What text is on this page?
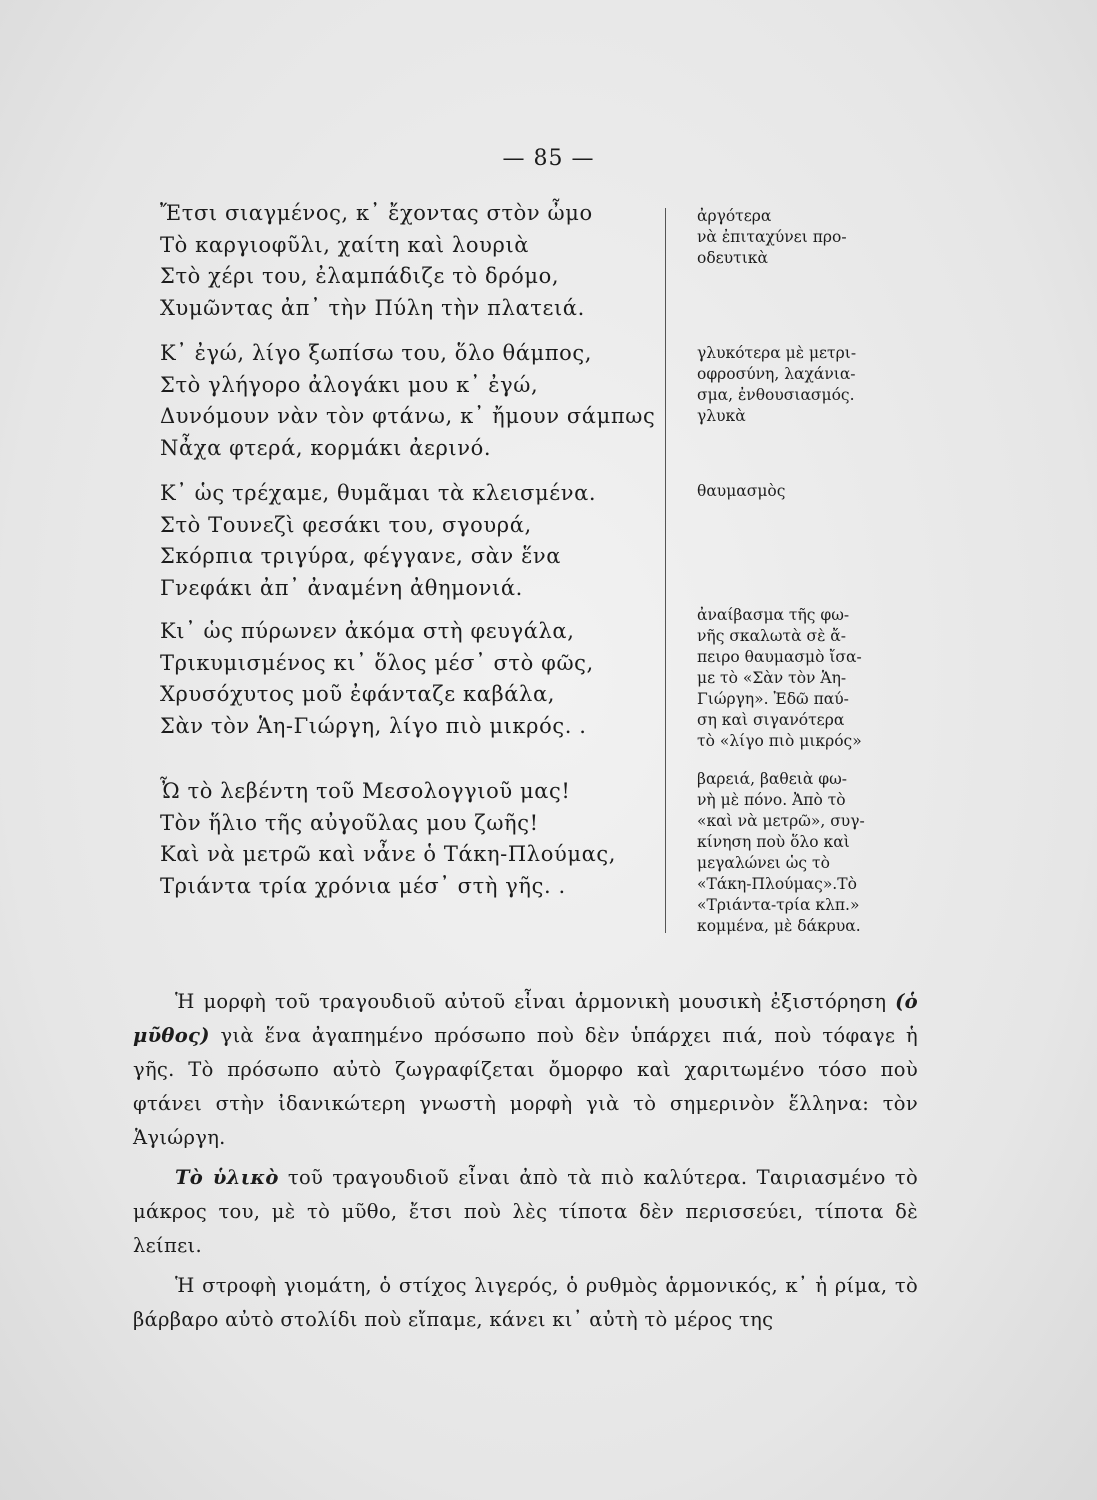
— 85 —
Ἔτσι σιαγμένος, κ᾿ ἔχοντας στὸν ὦμο
Τὸ καργιοφῦλι, χαίτη καὶ λουριὰ
Στὸ χέρι του, ἐλαμπάδιζε τὸ δρόμο,
Χυμῶντας ἀπ᾿ τὴν Πύλη τὴν πλατειά.
Κ᾿ ἐγώ, λίγο ξωπίσω του, ὅλο θάμπος,
Στὸ γλήγορο ἀλογάκι μου κ᾿ ἐγώ,
Δυνόμουν νὰν τὸν φτάνω, κ᾿ ἤμουν σάμπως
Νἆχα φτερά, κορμάκι ἀερινό.
Κ᾿ ὡς τρέχαμε, θυμᾶμαι τὰ κλεισμένα.
Στὸ Τουνεζὶ φεσάκι του, σγουρά,
Σκόρπια τριγύρα, φέγγανε, σὰν ἕνα
Γνεφάκι ἀπ᾿ ἀναμένη ἀθημονιά.
Κι᾿ ὡς πύρωνεν ἀκόμα στὴ φευγάλα,
Τρικυμισμένος κι᾿ ὅλος μέσ᾿ στὸ φῶς,
Χρυσόχυτος μοῦ ἐφάνταζε καβάλα,
Σὰν τὸν Ἁη-Γιώργη, λίγο πιὸ μικρός. .
Ὦ τὸ λεβέντη τοῦ Μεσολογγιοῦ μας!
Τὸν ἥλιο τῆς αὐγοῦλας μου ζωῆς!
Καὶ νὰ μετρῶ καὶ νἆνε ὁ Τάκη-Πλούμας,
Τριάντα τρία χρόνια μέσ᾿ στὴ γῆς. .
ἀργότερα
νὰ ἐπιταχύνει προ-
οδευτικὰ
γλυκότερα μὲ μετρι-
οφροσύνη, λαχάνια-
σμα, ἐνθουσιασμός.
γλυκὰ
θαυμασμὸς
ἀναίβασμα τῆς φω-
νῆς σκαλωτὰ σὲ ἄ-
πειρο θαυμασμὸ ἴσα-
με τὸ «Σὰν τὸν Ἁη-
Γιώργη». Ἐδῶ παύ-
ση καὶ σιγανότερα
τὸ «λίγο πιὸ μικρός»
βαρειά, βαθειὰ φω-
νὴ μὲ πόνο. Ἀπὸ τὸ
«καὶ νὰ μετρῶ», συγ-
κίνηση ποὺ ὅλο καὶ
μεγαλώνει ὡς τὸ
«Τάκη-Πλούμας».Τὸ
«Τριάντα-τρία κλπ.»
κομμένα, μὲ δάκρυα.

Ἡ μορφὴ τοῦ τραγουδιοῦ αὐτοῦ εἶναι ἁρμονικὴ μουσικὴ ἐξιστόρηση (ὁ μῦθος) γιὰ ἕνα ἀγαπημένο πρόσωπο ποὺ δὲν ὑπάρχει πιά, ποὺ τόφαγε ἡ γῆς. Τὸ πρόσωπο αὐτὸ ζωγραφίζεται ὄμορφο καὶ χαριτωμένο τόσο ποὺ φτάνει στὴν ἰδανικώτερη γνωστὴ μορφὴ γιὰ τὸ σημερινὸν ἕλληνα: τὸν Ἁγιώργη.

Τὸ ὑλικὸ τοῦ τραγουδιοῦ εἶναι ἀπὸ τὰ πιὸ καλύτερα. Ταιριασμένο τὸ μάκρος του, μὲ τὸ μῦθο, ἔτσι ποὺ λὲς τίποτα δὲν περισσεύει, τίποτα δὲ λείπει.

Ἡ στροφὴ γιομάτη, ὁ στίχος λιγερός, ὁ ρυθμὸς ἁρμονικός, κ᾿ ἡ ρίμα, τὸ βάρβαρο αὐτὸ στολίδι ποὺ εἴπαμε, κάνει κι᾿ αὐτὴ τὸ μέρος της
